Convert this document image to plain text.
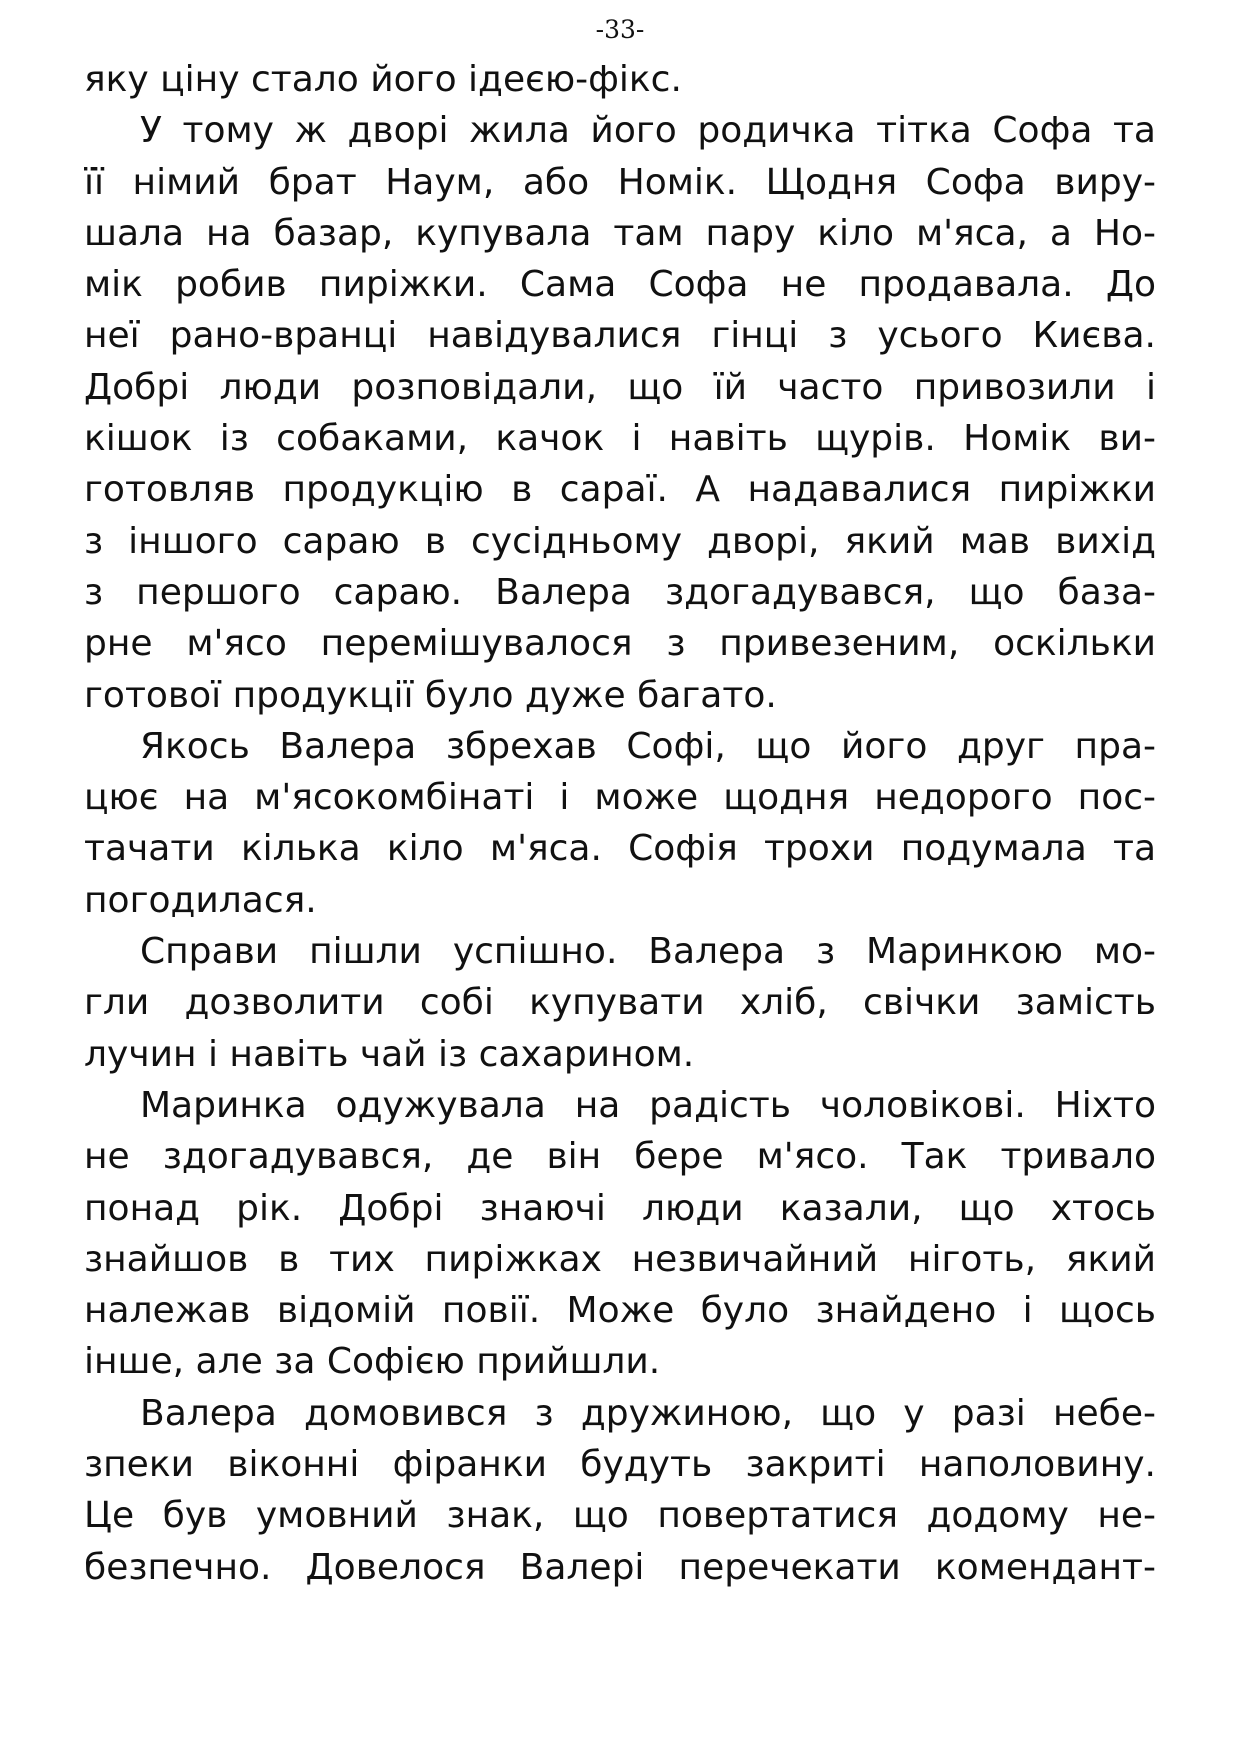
-33-

яку ціну стало його ідеєю-фікс.

У тому ж дворі жила його родичка тітка Софа та
її німий брат Наум, або Номік. Щодня Софа виру-
шала на базар, купувала там пару кіло м'яса, а Но-
мік робив пиріжки. Сама Софа не продавала. До
неї рано-вранці навідувалися гінці з усього Києва.
Добрі люди розповідали, що їй часто привозили і
кішок із собаками, качок і навіть щурів. Номік ви-
готовляв продукцію в сараї. А надавалися пиріжки
з іншого сараю в сусідньому дворі, який мав вихід
з першого сараю. Валера здогадувався, що база-
рне м'ясо перемішувалося з привезеним, оскільки
готової продукції було дуже багато.

Якось Валера збрехав Софі, що його друг пра-
цює на м'ясокомбінаті і може щодня недорого пос-
тачати кілька кіло м'яса. Софія трохи подумала та
погодилася.

Справи пішли успішно. Валера з Маринкою мо-
гли дозволити собі купувати хліб, свічки замість
лучин і навіть чай із сахарином.

Маринка одужувала на радість чоловікові. Ніхто
не здогадувався, де він бере м'ясо. Так тривало
понад рік. Добрі знаючі люди казали, що хтось
знайшов в тих пиріжках незвичайний ніготь, який
належав відомій повії. Може було знайдено і щось
інше, але за Софією прийшли.

Валера домовився з дружиною, що у разі небе-
зпеки віконні фіранки будуть закриті наполовину.
Це був умовний знак, що повертатися додому не-
безпечно. Довелося Валері перечекати комендант-
